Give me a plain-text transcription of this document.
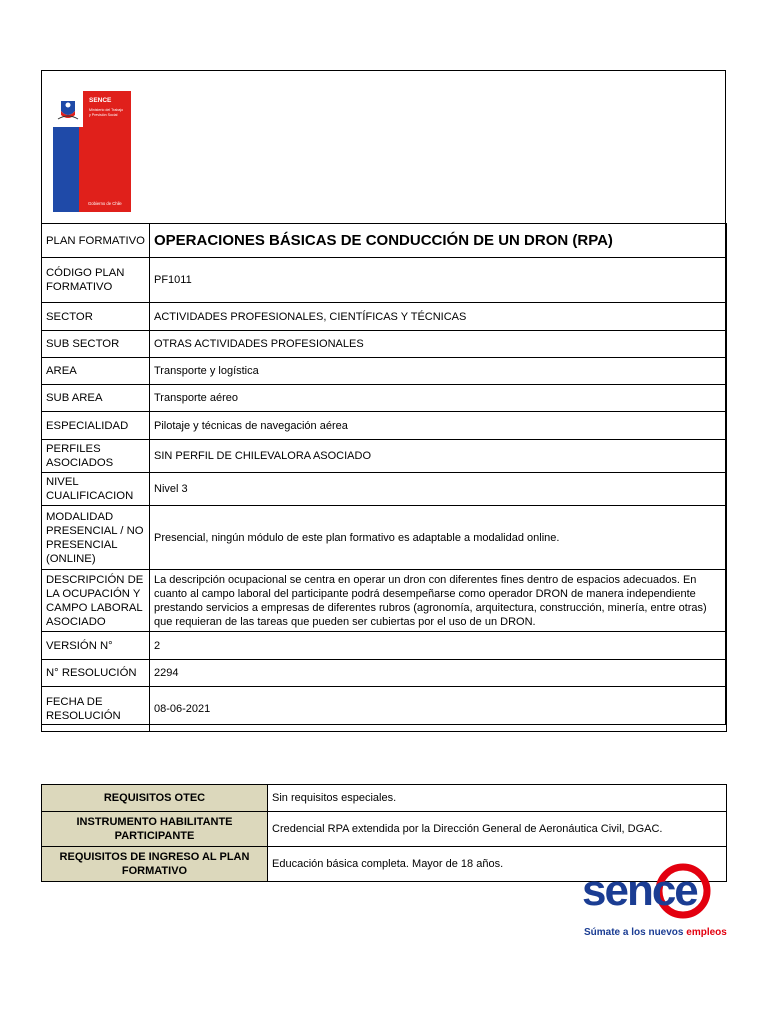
SENCE
Ministerio del Trabajo
y Previsión Social
Gobierno de Chile
PLAN FORMATIVO	OPERACIONES BÁSICAS DE CONDUCCIÓN DE UN DRON (RPA)
CÓDIGO PLAN FORMATIVO	PF1011
SECTOR	ACTIVIDADES PROFESIONALES, CIENTÍFICAS Y TÉCNICAS
SUB SECTOR	OTRAS ACTIVIDADES PROFESIONALES
AREA	Transporte y logística
SUB AREA	Transporte aéreo
ESPECIALIDAD	Pilotaje y técnicas de navegación aérea
PERFILES ASOCIADOS	SIN PERFIL DE CHILEVALORA ASOCIADO
NIVEL CUALIFICACION	Nivel 3
MODALIDAD PRESENCIAL / NO PRESENCIAL (ONLINE)	Presencial, ningún módulo de este plan formativo es adaptable a modalidad online.
DESCRIPCIÓN DE LA OCUPACIÓN Y CAMPO LABORAL ASOCIADO	La descripción ocupacional se centra en operar un dron con diferentes fines dentro de espacios adecuados. En cuanto al campo laboral del participante podrá desempeñarse como operador DRON de manera independiente prestando servicios a empresas de diferentes rubros (agronomía, arquitectura, construcción, minería, entre otras) que requieran de las tareas que pueden ser cubiertas por el uso de un DRON.
VERSIÓN N°	2
N° RESOLUCIÓN	2294
FECHA DE RESOLUCIÓN	08-06-2021
REQUISITOS OTEC	Sin requisitos especiales.
INSTRUMENTO HABILITANTE PARTICIPANTE	Credencial RPA extendida por la Dirección General de Aeronáutica Civil, DGAC.
REQUISITOS DE INGRESO AL PLAN FORMATIVO	Educación básica completa. Mayor de 18 años.
sence
Súmate a los nuevos empleos
